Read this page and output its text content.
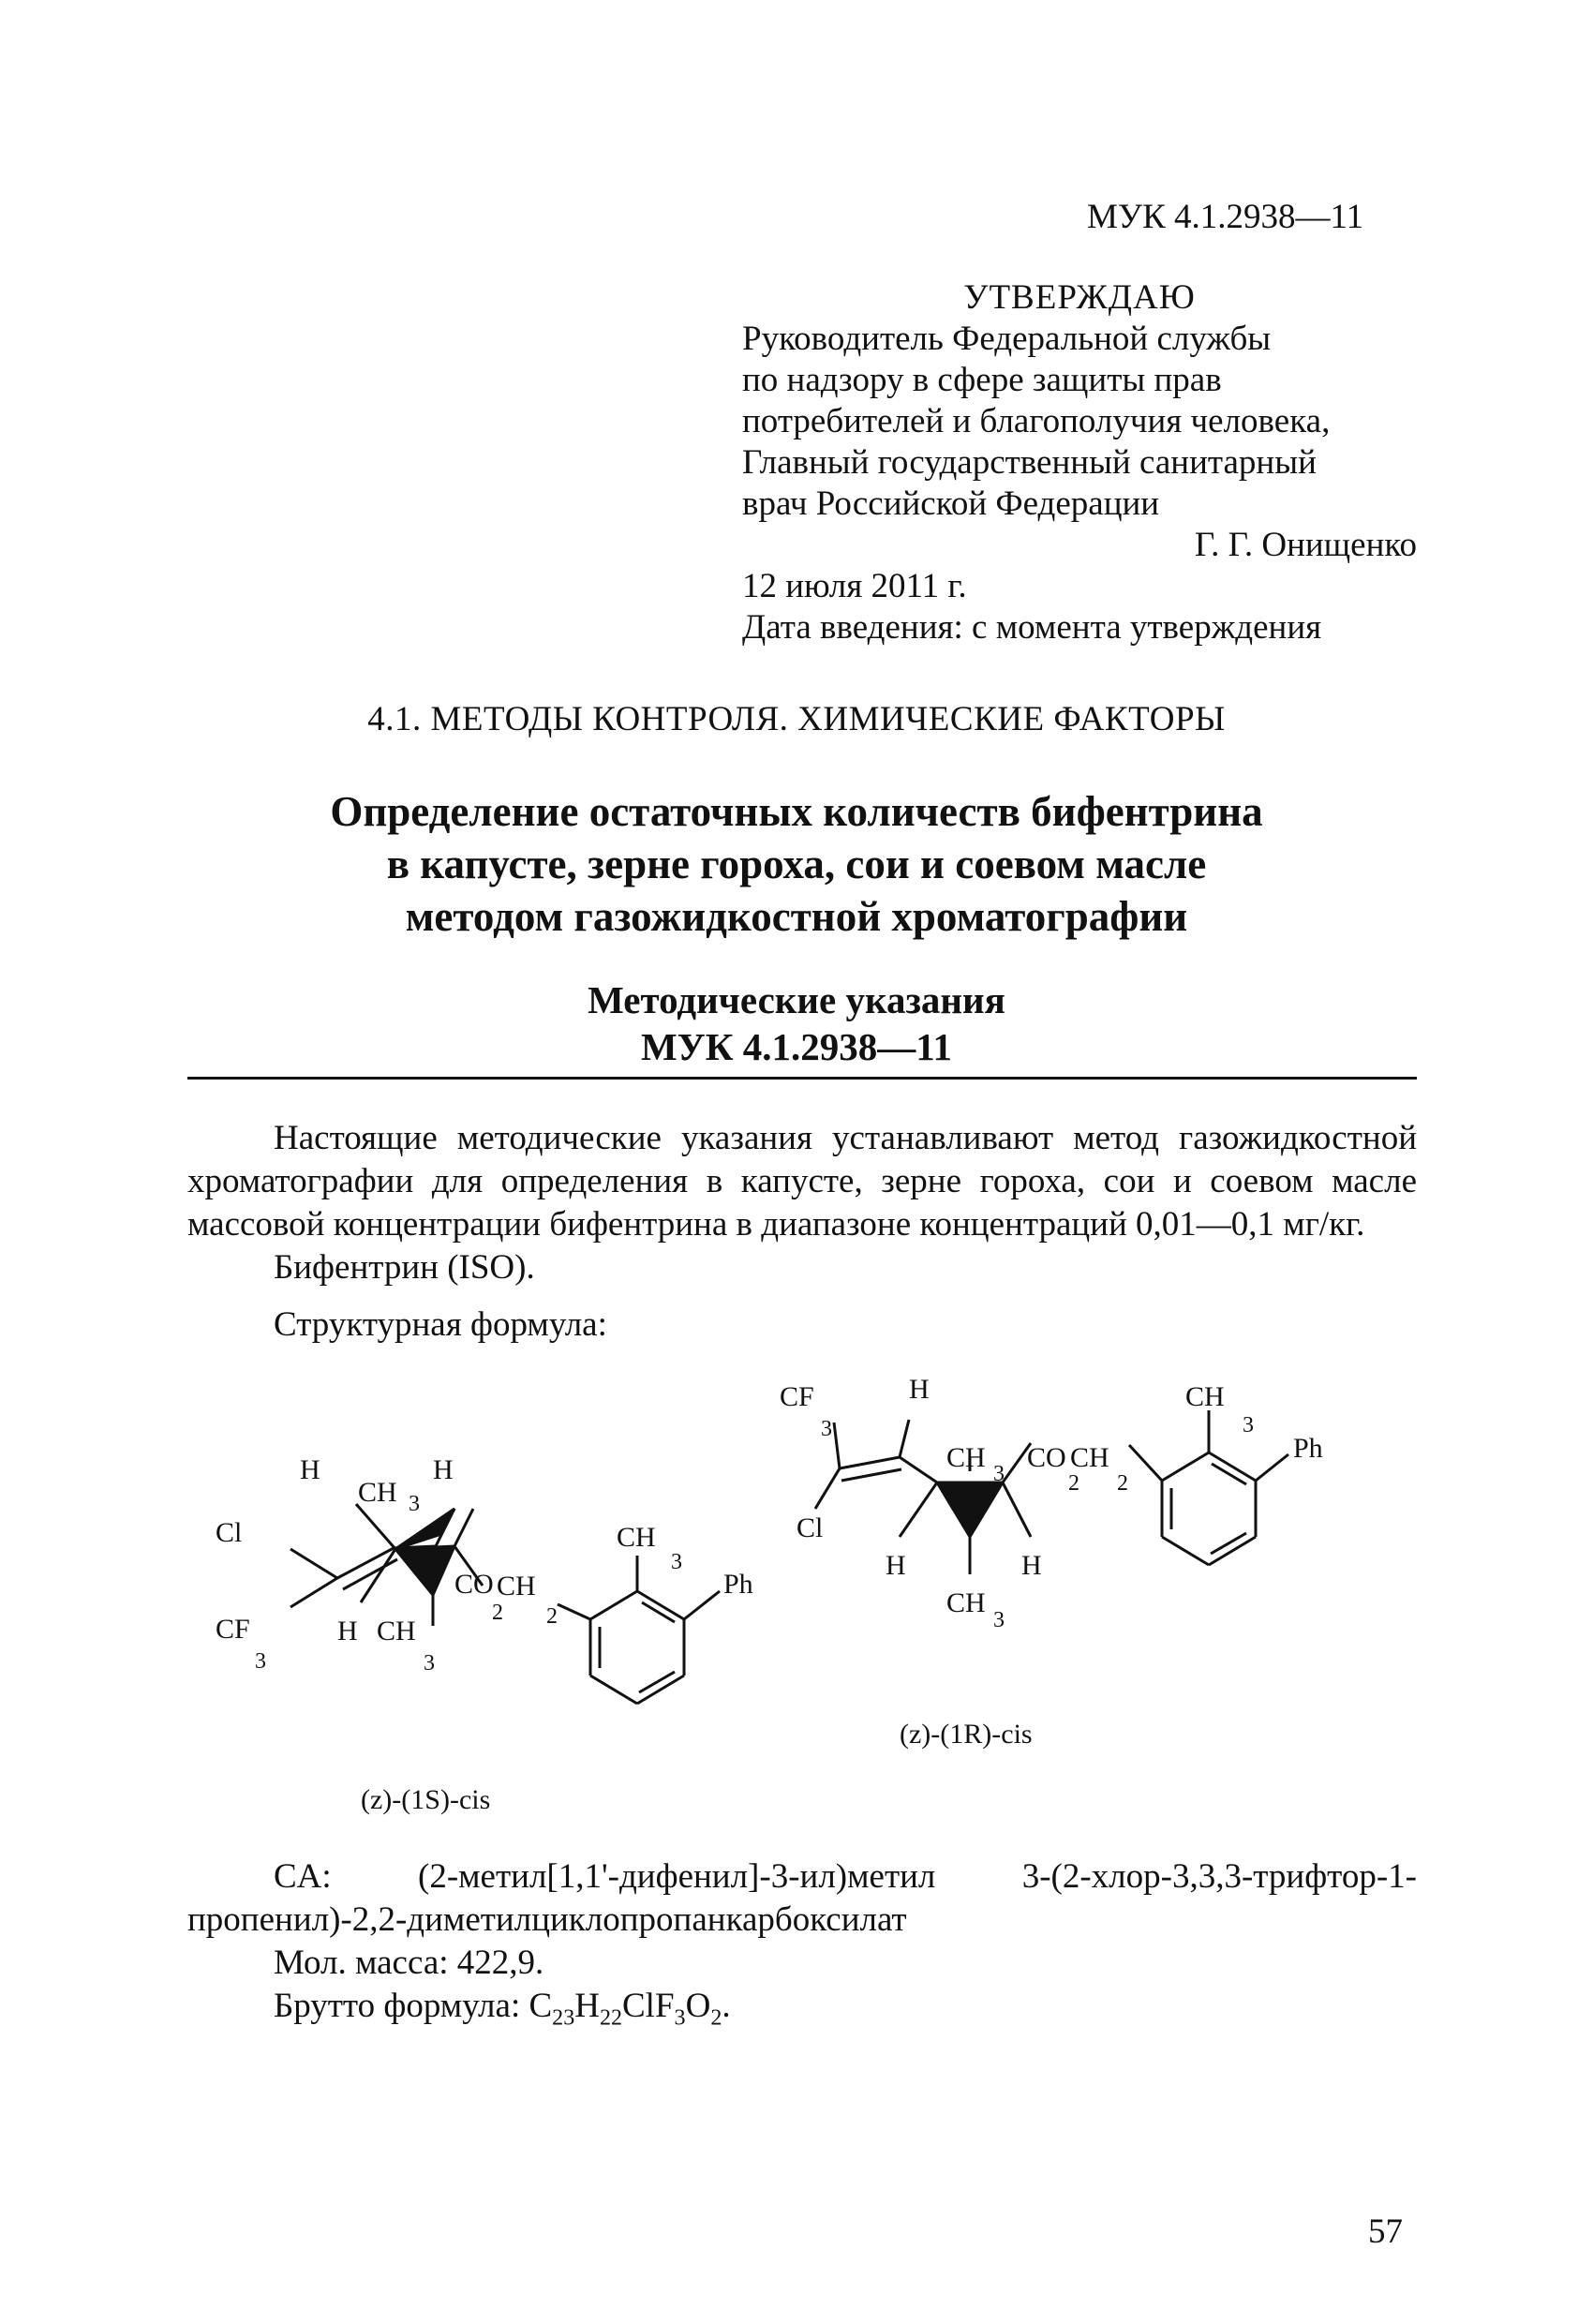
МУК 4.1.2938—11
УТВЕРЖДАЮ
Руководитель Федеральной службы
по надзору в сфере защиты прав
потребителей и благополучия человека,
Главный государственный санитарный
врач Российской Федерации
Г. Г. Онищенко
12 июля 2011 г.
Дата введения: с момента утверждения
4.1. МЕТОДЫ КОНТРОЛЯ. ХИМИЧЕСКИЕ ФАКТОРЫ
Определение остаточных количеств бифентрина
в капусте, зерне гороха, сои и соевом масле
методом газожидкостной хроматографии
Методические указания
МУК 4.1.2938—11

Настоящие методические указания устанавливают метод газожидкостной хроматографии для определения в капусте, зерне гороха, сои и соевом масле массовой концентрации бифентрина в диапазоне концентраций 0,01—0,1 мг/кг.

Бифентрин (ISO).

Структурная формула:
Cl
CF
3
H
CH 3
H
H CH
3
CO
2
CH
2
CH
3
Ph
(z)-(1S)-cis
CF
3
Cl
H
CH
3
H	H
CH
3
CO
2
CH
2
CH
3
Ph
(z)-(1R)-cis

CA: (2-метил[1,1'-дифенил]-3-ил)метил 3-(2-хлор-3,3,3-трифтор-1-пропенил)-2,2-диметилциклопропанкарбоксилат

Мол. масса: 422,9.

Брутто формула: $C_{23}H_{22}ClF_3O_2$.

57
